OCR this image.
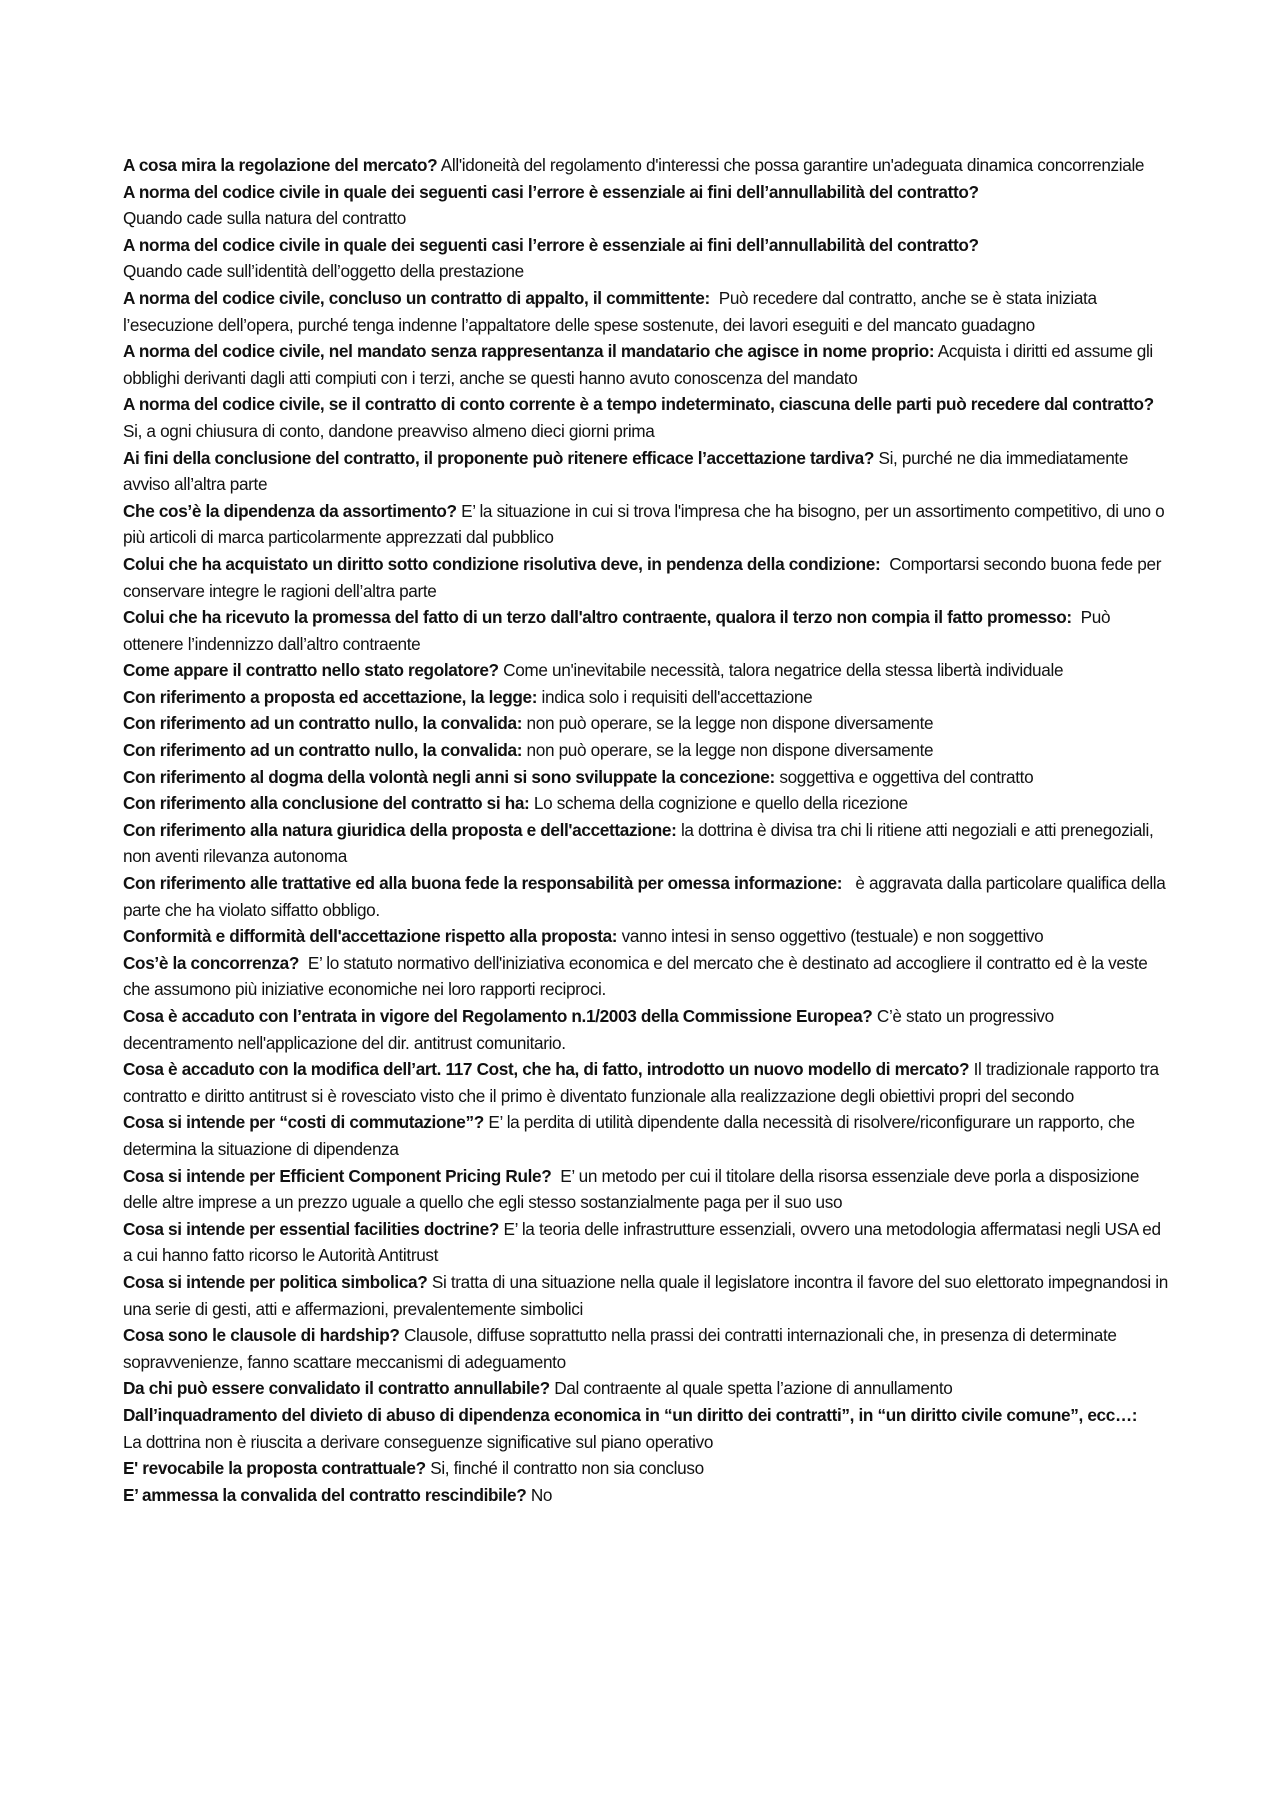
A cosa mira la regolazione del mercato? All'idoneità del regolamento d'interessi che possa garantire un'adeguata dinamica concorrenziale

A norma del codice civile in quale dei seguenti casi l’errore è essenziale ai fini dell’annullabilità del contratto?
Quando cade sulla natura del contratto

A norma del codice civile in quale dei seguenti casi l’errore è essenziale ai fini dell’annullabilità del contratto?
Quando cade sull’identità dell’oggetto della prestazione

A norma del codice civile, concluso un contratto di appalto, il committente: Può recedere dal contratto, anche se è stata iniziata l’esecuzione dell’opera, purché tenga indenne l’appaltatore delle spese sostenute, dei lavori eseguiti e del mancato guadagno

A norma del codice civile, nel mandato senza rappresentanza il mandatario che agisce in nome proprio: Acquista i diritti ed assume gli obblighi derivanti dagli atti compiuti con i terzi, anche se questi hanno avuto conoscenza del mandato

A norma del codice civile, se il contratto di conto corrente è a tempo indeterminato, ciascuna delle parti può recedere dal contratto? Si, a ogni chiusura di conto, dandone preavviso almeno dieci giorni prima

Ai fini della conclusione del contratto, il proponente può ritenere efficace l’accettazione tardiva? Si, purché ne dia immediatamente avviso all’altra parte

Che cos’è la dipendenza da assortimento? E’ la situazione in cui si trova l'impresa che ha bisogno, per un assortimento competitivo, di uno o più articoli di marca particolarmente apprezzati dal pubblico

Colui che ha acquistato un diritto sotto condizione risolutiva deve, in pendenza della condizione: Comportarsi secondo buona fede per conservare integre le ragioni dell’altra parte

Colui che ha ricevuto la promessa del fatto di un terzo dall'altro contraente, qualora il terzo non compia il fatto promesso: Può ottenere l’indennizzo dall’altro contraente

Come appare il contratto nello stato regolatore? Come un'inevitabile necessità, talora negatrice della stessa libertà individuale

Con riferimento a proposta ed accettazione, la legge: indica solo i requisiti dell'accettazione

Con riferimento ad un contratto nullo, la convalida: non può operare, se la legge non dispone diversamente

Con riferimento ad un contratto nullo, la convalida: non può operare, se la legge non dispone diversamente

Con riferimento al dogma della volontà negli anni si sono sviluppate la concezione: soggettiva e oggettiva del contratto

Con riferimento alla conclusione del contratto si ha: Lo schema della cognizione e quello della ricezione

Con riferimento alla natura giuridica della proposta e dell'accettazione: la dottrina è divisa tra chi li ritiene atti negoziali e atti prenegoziali, non aventi rilevanza autonoma

Con riferimento alle trattative ed alla buona fede la responsabilità per omessa informazione: è aggravata dalla particolare qualifica della parte che ha violato siffatto obbligo.

Conformità e difformità dell'accettazione rispetto alla proposta: vanno intesi in senso oggettivo (testuale) e non soggettivo

Cos’è la concorrenza? E’ lo statuto normativo dell'iniziativa economica e del mercato che è destinato ad accogliere il contratto ed è la veste che assumono più iniziative economiche nei loro rapporti reciproci.

Cosa è accaduto con l’entrata in vigore del Regolamento n.1/2003 della Commissione Europea? C’è stato un progressivo decentramento nell'applicazione del dir. antitrust comunitario.

Cosa è accaduto con la modifica dell’art. 117 Cost, che ha, di fatto, introdotto un nuovo modello di mercato? Il tradizionale rapporto tra contratto e diritto antitrust si è rovesciato visto che il primo è diventato funzionale alla realizzazione degli obiettivi propri del secondo

Cosa si intende per “costi di commutazione”? E’ la perdita di utilità dipendente dalla necessità di risolvere/riconfigurare un rapporto, che determina la situazione di dipendenza

Cosa si intende per Efficient Component Pricing Rule? E’ un metodo per cui il titolare della risorsa essenziale deve porla a disposizione delle altre imprese a un prezzo uguale a quello che egli stesso sostanzialmente paga per il suo uso

Cosa si intende per essential facilities doctrine? E’ la teoria delle infrastrutture essenziali, ovvero una metodologia affermatasi negli USA ed a cui hanno fatto ricorso le Autorità Antitrust

Cosa si intende per politica simbolica? Si tratta di una situazione nella quale il legislatore incontra il favore del suo elettorato impegnandosi in una serie di gesti, atti e affermazioni, prevalentemente simbolici

Cosa sono le clausole di hardship? Clausole, diffuse soprattutto nella prassi dei contratti internazionali che, in presenza di determinate sopravvenienze, fanno scattare meccanismi di adeguamento

Da chi può essere convalidato il contratto annullabile? Dal contraente al quale spetta l’azione di annullamento

Dall’inquadramento del divieto di abuso di dipendenza economica in “un diritto dei contratti”, in “un diritto civile comune”, ecc…:   La dottrina non è riuscita a derivare conseguenze significative sul piano operativo

E' revocabile la proposta contrattuale? Si, finché il contratto non sia concluso

E’ ammessa la convalida del contratto rescindibile? No
